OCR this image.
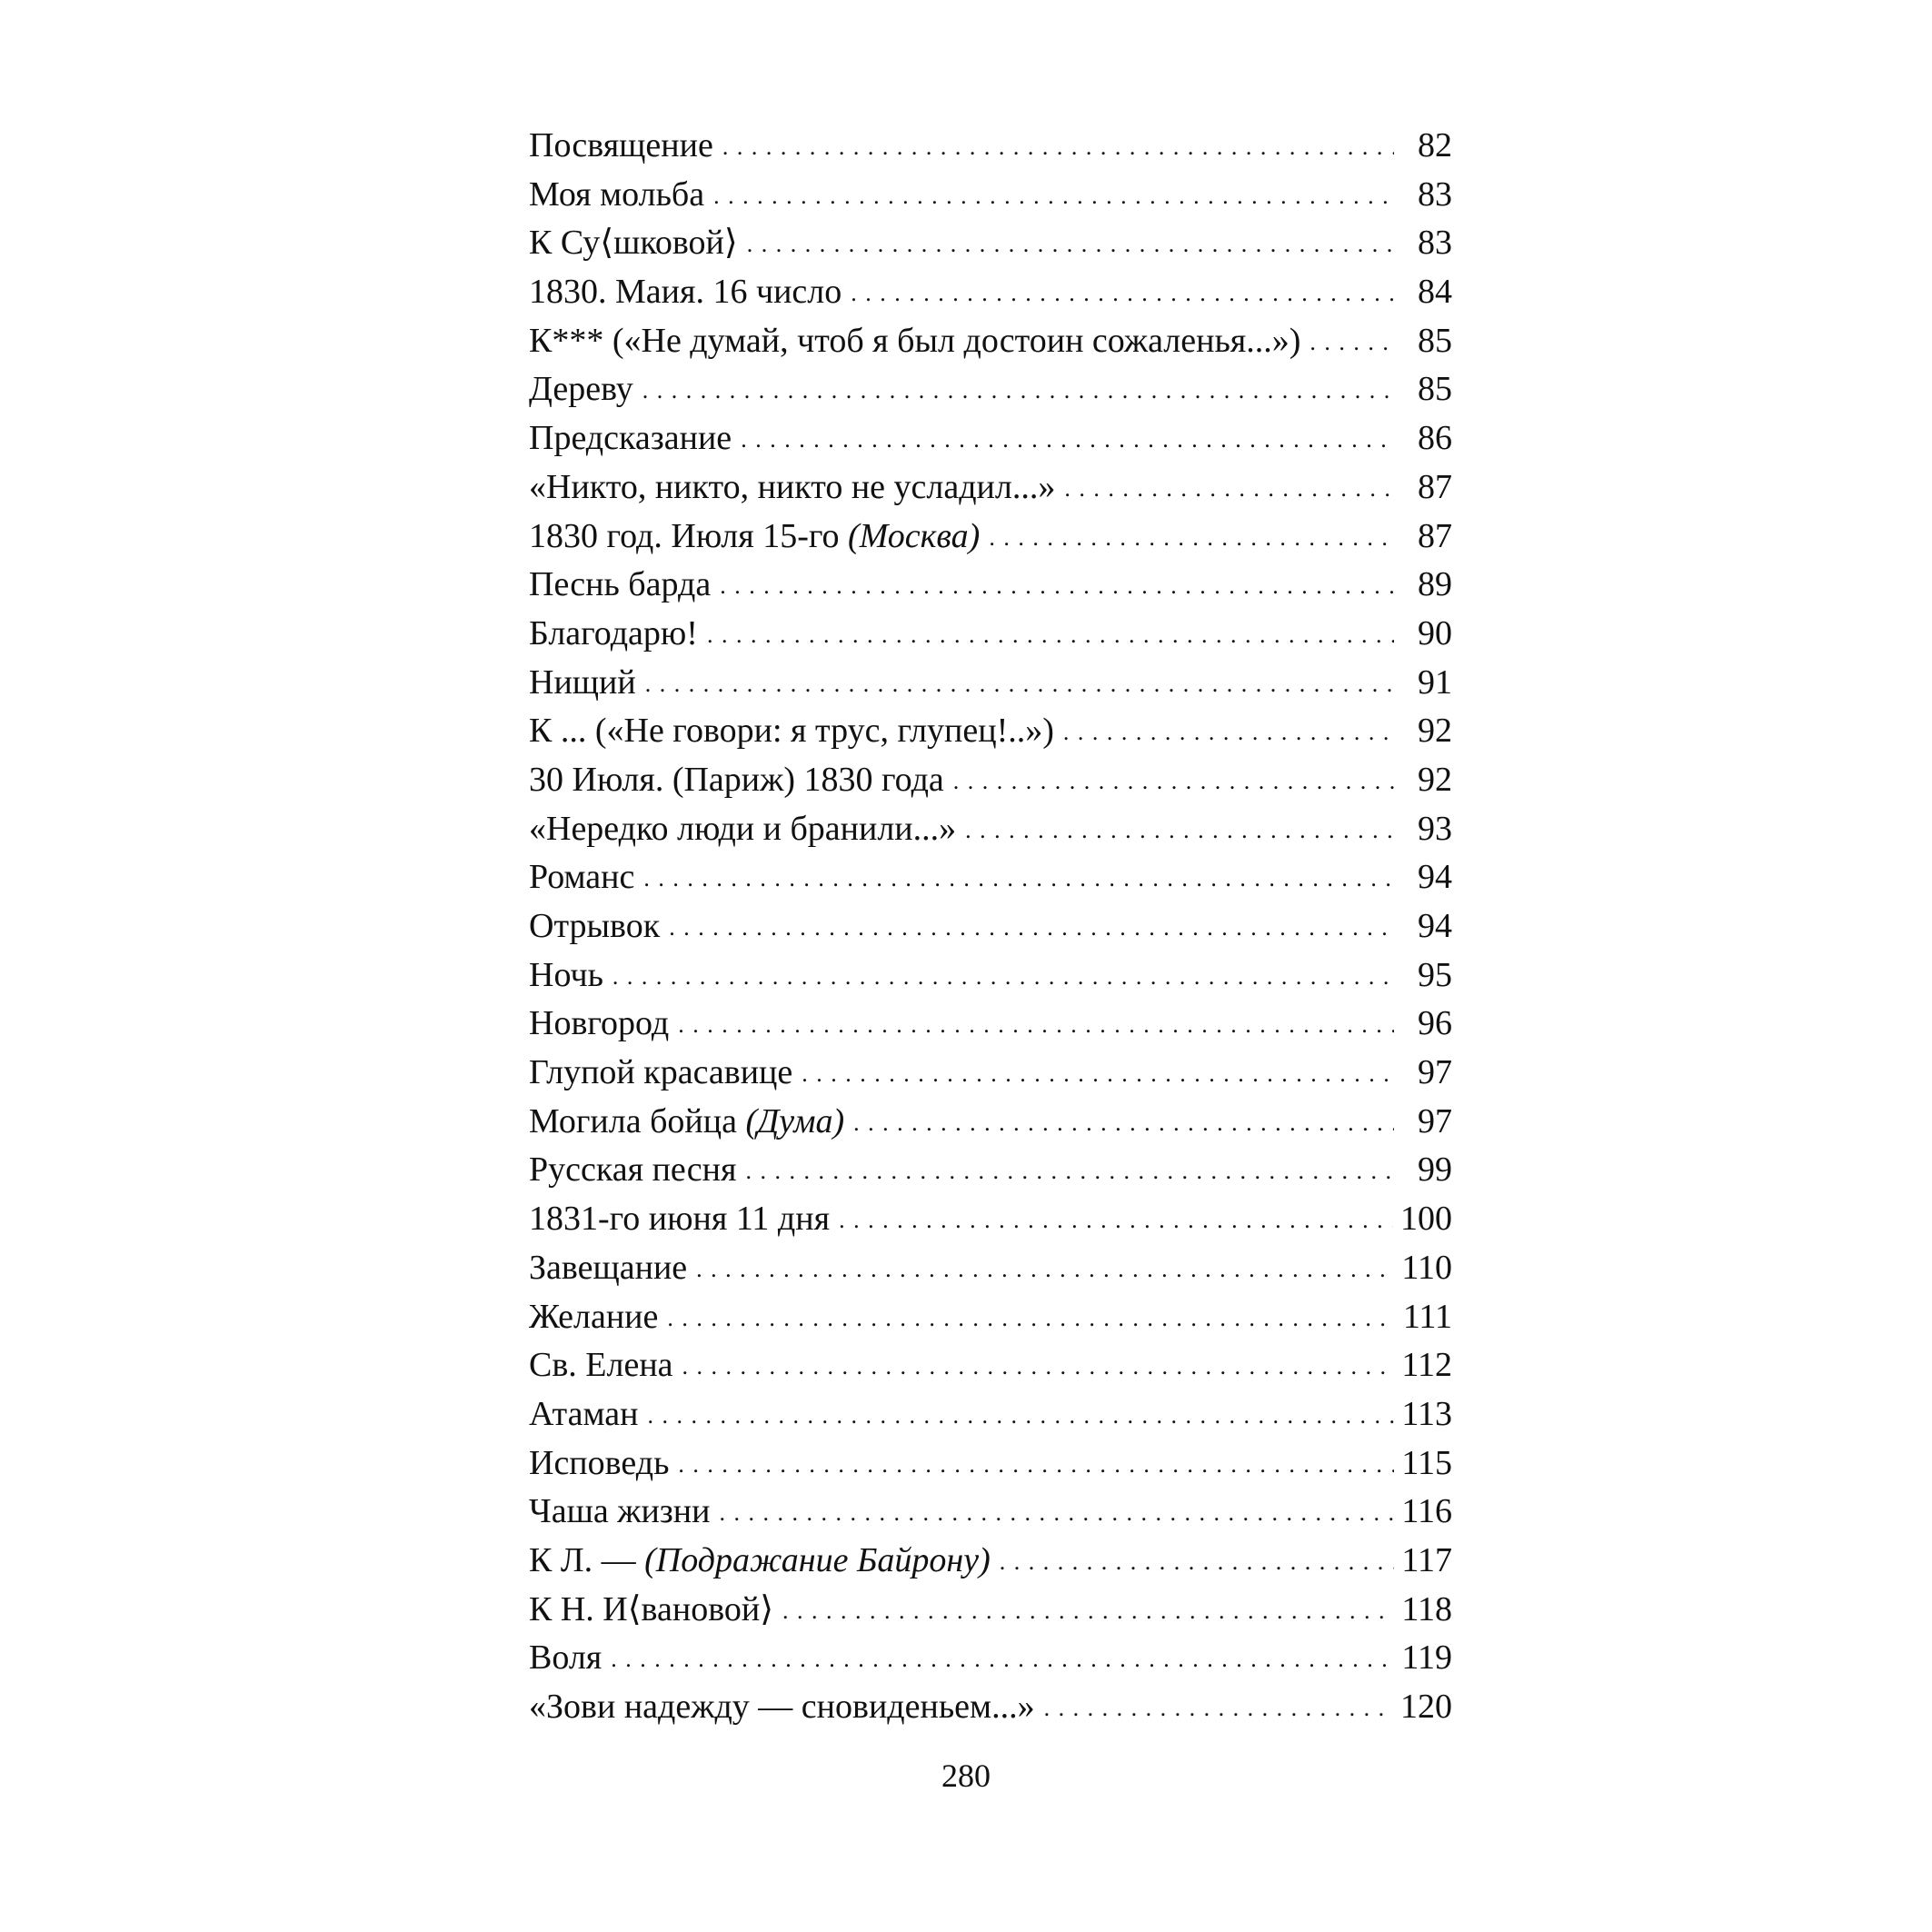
Посвящение . . .	82
Моя мольба . . .	83
К Су⟨шковой⟩ . . .	83
1830. Маия. 16 число . . .	84
К*** («Не думай, чтоб я был достоин сожаленья...») . . .	85
Дереву . . .	85
Предсказание . . .	86
«Никто, никто, никто не усладил...» . . .	87
1830 год. Июля 15-го (Москва) . . .	87
Песнь барда . . .	89
Благодарю! . . .	90
Нищий . . .	91
К ... («Не говори: я трус, глупец!..») . . .	92
30 Июля. (Париж) 1830 года . . .	92
«Нередко люди и бранили...» . . .	93
Романс . . .	94
Отрывок . . .	94
Ночь . . .	95
Новгород . . .	96
Глупой красавице . . .	97
Могила бойца (Дума) . . .	97
Русская песня . . .	99
1831-го июня 11 дня . . .	100
Завещание . . .	110
Желание . . .	111
Св. Елена . . .	112
Атаман . . .	113
Исповедь . . .	115
Чаша жизни . . .	116
К Л. — (Подражание Байрону) . . .	117
К Н. И⟨вановой⟩ . . .	118
Воля . . .	119
«Зови надежду — сновиденьем...» . . .	120
280
